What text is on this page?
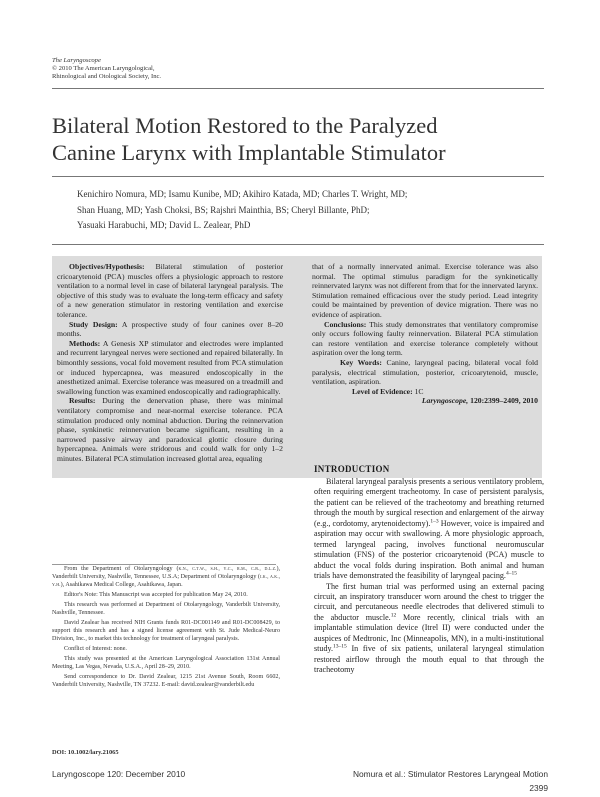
The Laryngoscope
© 2010 The American Laryngological,
Rhinological and Otological Society, Inc.
Bilateral Motion Restored to the Paralyzed
Canine Larynx with Implantable Stimulator
Kenichiro Nomura, MD; Isamu Kunibe, MD; Akihiro Katada, MD; Charles T. Wright, MD;
Shan Huang, MD; Yash Choksi, BS; Rajshri Mainthia, BS; Cheryl Billante, PhD;
Yasuaki Harabuchi, MD; David L. Zealear, PhD

Objectives/Hypothesis: Bilateral stimulation of posterior cricoarytenoid (PCA) muscles offers a physiologic approach to restore ventilation to a normal level in case of bilateral laryngeal paralysis. The objective of this study was to evaluate the long-term efficacy and safety of a new generation stimulator in restoring ventilation and exercise tolerance.

Study Design: A prospective study of four canines over 8–20 months.

Methods: A Genesis XP stimulator and electrodes were implanted and recurrent laryngeal nerves were sectioned and repaired bilaterally. In bimonthly sessions, vocal fold movement resulted from PCA stimulation or induced hypercapnea, was measured endoscopically in the anesthetized animal. Exercise tolerance was measured on a treadmill and swallowing function was examined endoscopically and radiographically.

Results: During the denervation phase, there was minimal ventilatory compromise and near-normal exercise tolerance. PCA stimulation produced only nominal abduction. During the reinnervation phase, synkinetic reinnervation became significant, resulting in a narrowed passive airway and paradoxical glottic closure during hypercapnea. Animals were stridorous and could walk for only 1–2 minutes. Bilateral PCA stimulation increased glottal area, equaling

that of a normally innervated animal. Exercise tolerance was also normal. The optimal stimulus paradigm for the synkinetically reinnervated larynx was not different from that for the innervated larynx. Stimulation remained efficacious over the study period. Lead integrity could be maintained by prevention of device migration. There was no evidence of aspiration.

Conclusions: This study demonstrates that ventilatory compromise only occurs following faulty reinnervation. Bilateral PCA stimulation can restore ventilation and exercise tolerance completely without aspiration over the long term.

Key Words: Canine, laryngeal pacing, bilateral vocal fold paralysis, electrical stimulation, posterior, cricoarytenoid, muscle, ventilation, aspiration.

Level of Evidence: 1C

Laryngoscope, 120:2399–2409, 2010

INTRODUCTION

Bilateral laryngeal paralysis presents a serious ventilatory problem, often requiring emergent tracheotomy. In case of persistent paralysis, the patient can be relieved of the tracheotomy and breathing returned through the mouth by surgical resection and enlargement of the airway (e.g., cordotomy, arytenoidectomy).$^{1-3}$ However, voice is impaired and aspiration may occur with swallowing. A more physiologic approach, termed laryngeal pacing, involves functional neuromuscular stimulation (FNS) of the posterior cricoarytenoid (PCA) muscle to abduct the vocal folds during inspiration. Both animal and human trials have demonstrated the feasibility of laryngeal pacing.$^{4-15}$

The first human trial was performed using an external pacing circuit, an inspiratory transducer worn around the chest to trigger the circuit, and percutaneous needle electrodes that delivered stimuli to the abductor muscle.$^{12}$ More recently, clinical trials with an implantable stimulation device (Itrel II) were conducted under the auspices of Medtronic, Inc (Minneapolis, MN), in a multi-institutional study.$^{13-15}$ In five of six patients, unilateral laryngeal stimulation restored airflow through the mouth equal to that through the tracheotomy

From the Department of Otolaryngology (k.n., c.t.w., s.h., y.c., r.m., c.b., d.l.z.), Vanderbilt University, Nashville, Tennessee, U.S.A; Department of Otolaryngology (i.k., a.k., y.h.), Asahikawa Medical College, Asahikawa, Japan.

Editor's Note: This Manuscript was accepted for publication May 24, 2010.

This research was performed at Department of Otolaryngology, Vanderbilt University, Nashville, Tennessee.

David Zealear has received NIH Grants funds R01-DC001149 and R01-DC008429, to support this research and has a signed license agreement with St. Jude Medical-Neuro Division, Inc., to market this technology for treatment of laryngeal paralysis.

Conflict of Interest: none.

This study was presented at the American Laryngological Association 131st Annual Meeting, Las Vegas, Nevada, U.S.A., April 28–29, 2010.

Send correspondence to Dr. David Zealear, 1215 21st Avenue South, Room 6602, Vanderbilt University, Nashville, TN 37232. E-mail: david.zealear@vanderbilt.edu

DOI: 10.1002/lary.21065
Laryngoscope 120: December 2010	Nomura et al.: Stimulator Restores Laryngeal Motion
2399
